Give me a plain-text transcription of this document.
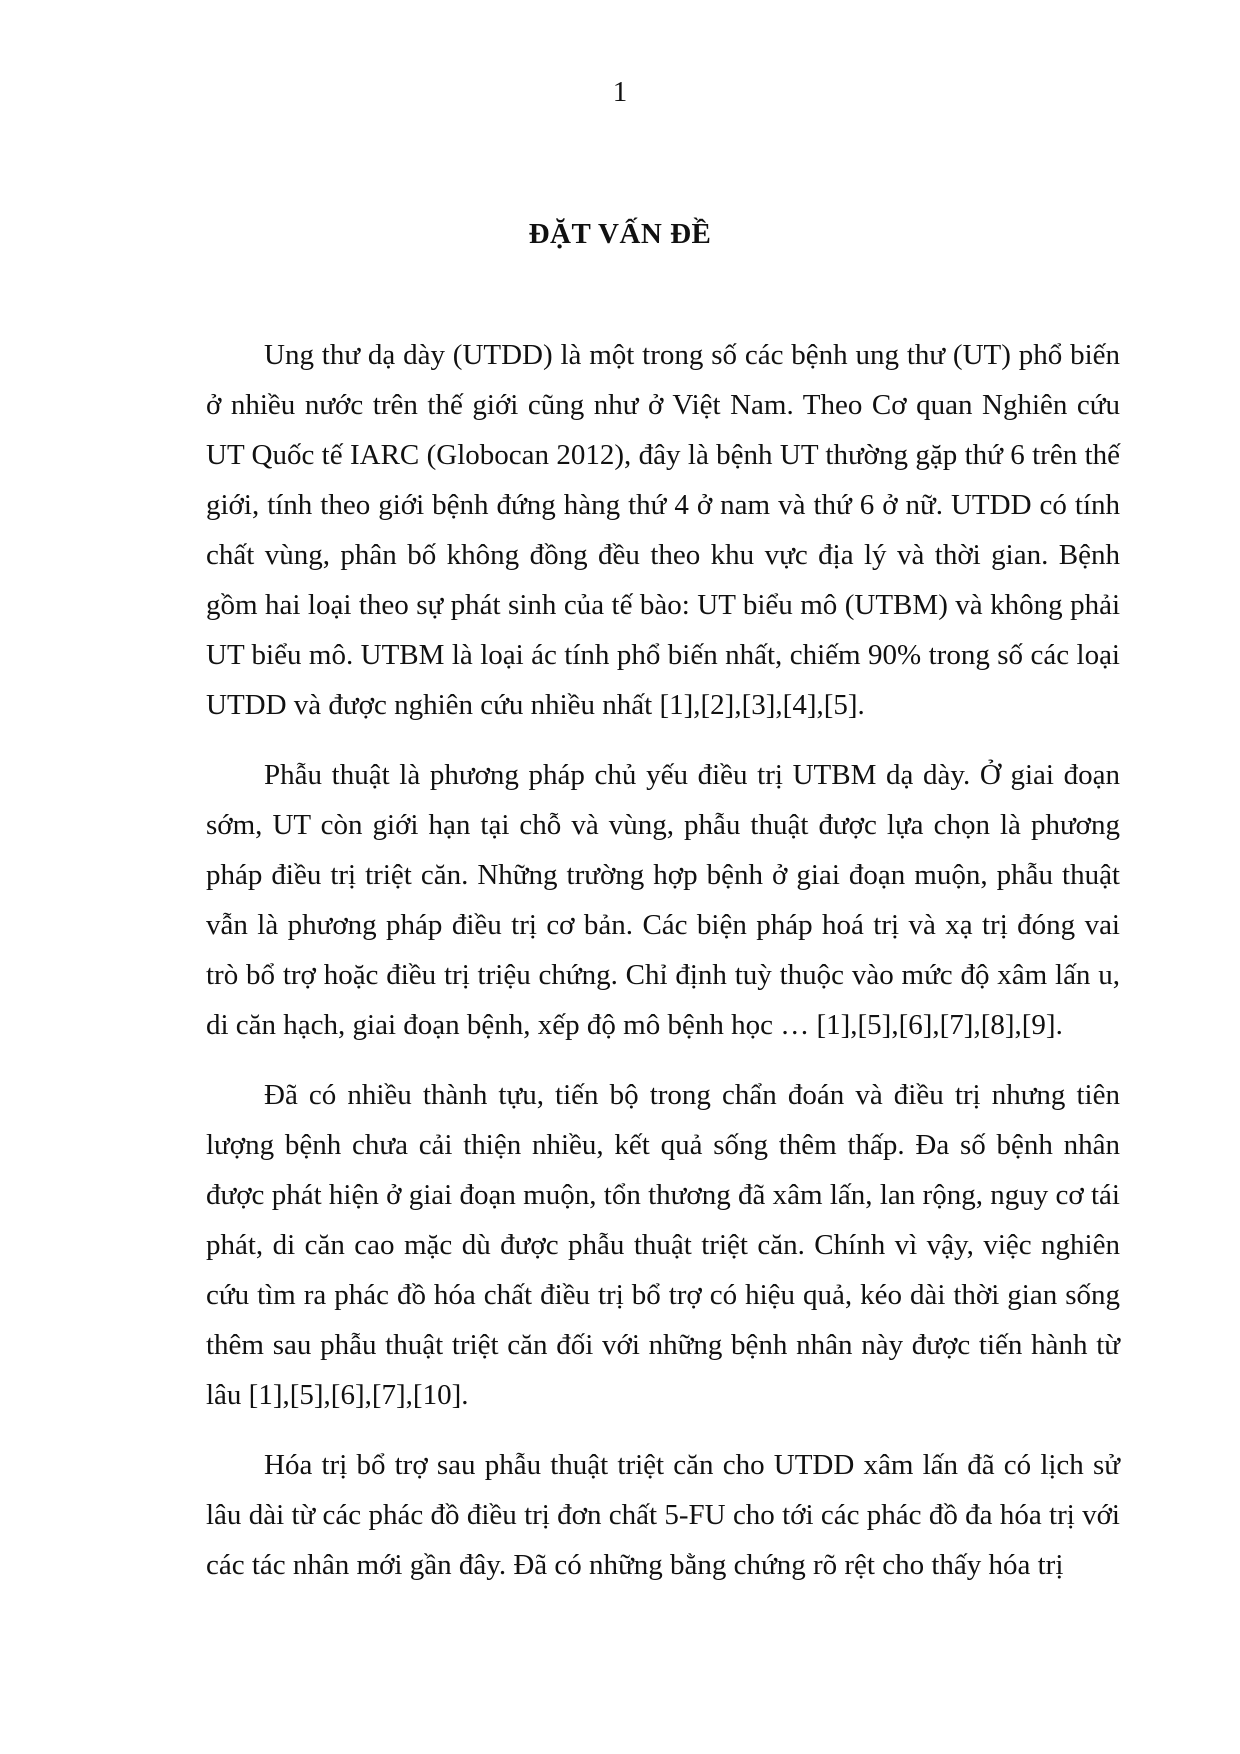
1
ĐẶT VẤN ĐỀ

Ung thư dạ dày (UTDD) là một trong số các bệnh ung thư (UT) phổ biến ở nhiều nước trên thế giới cũng như ở Việt Nam. Theo Cơ quan Nghiên cứu UT Quốc tế IARC (Globocan 2012), đây là bệnh UT thường gặp thứ 6 trên thế giới, tính theo giới bệnh đứng hàng thứ 4 ở nam và thứ 6 ở nữ. UTDD có tính chất vùng, phân bố không đồng đều theo khu vực địa lý và thời gian. Bệnh gồm hai loại theo sự phát sinh của tế bào: UT biểu mô (UTBM) và không phải UT biểu mô. UTBM là loại ác tính phổ biến nhất, chiếm 90% trong số các loại UTDD và được nghiên cứu nhiều nhất [1],[2],[3],[4],[5].

Phẫu thuật là phương pháp chủ yếu điều trị UTBM dạ dày. Ở giai đoạn sớm, UT còn giới hạn tại chỗ và vùng, phẫu thuật được lựa chọn là phương pháp điều trị triệt căn. Những trường hợp bệnh ở giai đoạn muộn, phẫu thuật vẫn là phương pháp điều trị cơ bản. Các biện pháp hoá trị và xạ trị đóng vai trò bổ trợ hoặc điều trị triệu chứng. Chỉ định tuỳ thuộc vào mức độ xâm lấn u, di căn hạch, giai đoạn bệnh, xếp độ mô bệnh học … [1],[5],[6],[7],[8],[9].

Đã có nhiều thành tựu, tiến bộ trong chẩn đoán và điều trị nhưng tiên lượng bệnh chưa cải thiện nhiều, kết quả sống thêm thấp. Đa số bệnh nhân được phát hiện ở giai đoạn muộn, tổn thương đã xâm lấn, lan rộng, nguy cơ tái phát, di căn cao mặc dù được phẫu thuật triệt căn. Chính vì vậy, việc nghiên cứu tìm ra phác đồ hóa chất điều trị bổ trợ có hiệu quả, kéo dài thời gian sống thêm sau phẫu thuật triệt căn đối với những bệnh nhân này được tiến hành từ lâu [1],[5],[6],[7],[10].

Hóa trị bổ trợ sau phẫu thuật triệt căn cho UTDD xâm lấn đã có lịch sử lâu dài từ các phác đồ điều trị đơn chất 5-FU cho tới các phác đồ đa hóa trị với các tác nhân mới gần đây. Đã có những bằng chứng rõ rệt cho thấy hóa trị
